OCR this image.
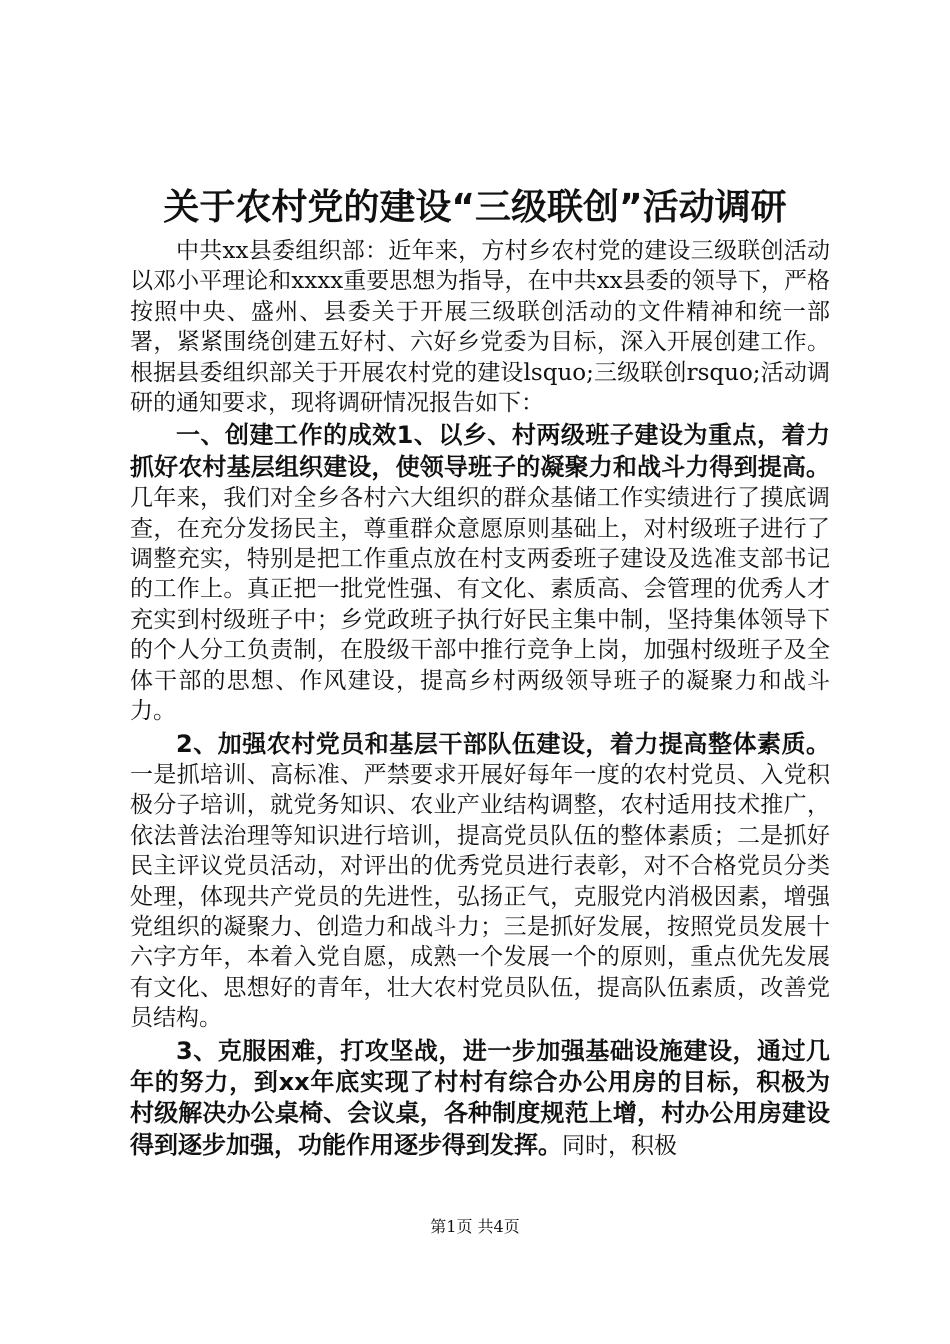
关于农村党的建设“三级联创”活动调研

中共xx县委组织部：近年来，方村乡农村党的建设三级联创活动以邓小平理论和xxxx重要思想为指导，在中共xx县委的领导下，严格按照中央、盛州、县委关于开展三级联创活动的文件精神和统一部署，紧紧围绕创建五好村、六好乡党委为目标，深入开展创建工作。根据县委组织部关于开展农村党的建设lsquo;三级联创rsquo;活动调研的通知要求，现将调研情况报告如下：

一、创建工作的成效1、以乡、村两级班子建设为重点，着力抓好农村基层组织建设，使领导班子的凝聚力和战斗力得到提高。几年来，我们对全乡各村六大组织的群众基储工作实绩进行了摸底调查，在充分发扬民主，尊重群众意愿原则基础上，对村级班子进行了调整充实，特别是把工作重点放在村支两委班子建设及选准支部书记的工作上。真正把一批党性强、有文化、素质高、会管理的优秀人才充实到村级班子中；乡党政班子执行好民主集中制，坚持集体领导下的个人分工负责制，在股级干部中推行竞争上岗，加强村级班子及全体干部的思想、作风建设，提高乡村两级领导班子的凝聚力和战斗力。

2、加强农村党员和基层干部队伍建设，着力提高整体素质。一是抓培训、高标准、严禁要求开展好每年一度的农村党员、入党积极分子培训，就党务知识、农业产业结构调整，农村适用技术推广，依法普法治理等知识进行培训，提高党员队伍的整体素质；二是抓好民主评议党员活动，对评出的优秀党员进行表彰，对不合格党员分类处理，体现共产党员的先进性，弘扬正气，克服党内消极因素，增强党组织的凝聚力、创造力和战斗力；三是抓好发展，按照党员发展十六字方年，本着入党自愿，成熟一个发展一个的原则，重点优先发展有文化、思想好的青年，壮大农村党员队伍，提高队伍素质，改善党员结构。

3、克服困难，打攻坚战，进一步加强基础设施建设，通过几年的努力，到xx年底实现了村村有综合办公用房的目标，积极为村级解决办公桌椅、会议桌，各种制度规范上增，村办公用房建设得到逐步加强，功能作用逐步得到发挥。同时，积极

第1页 共4页
